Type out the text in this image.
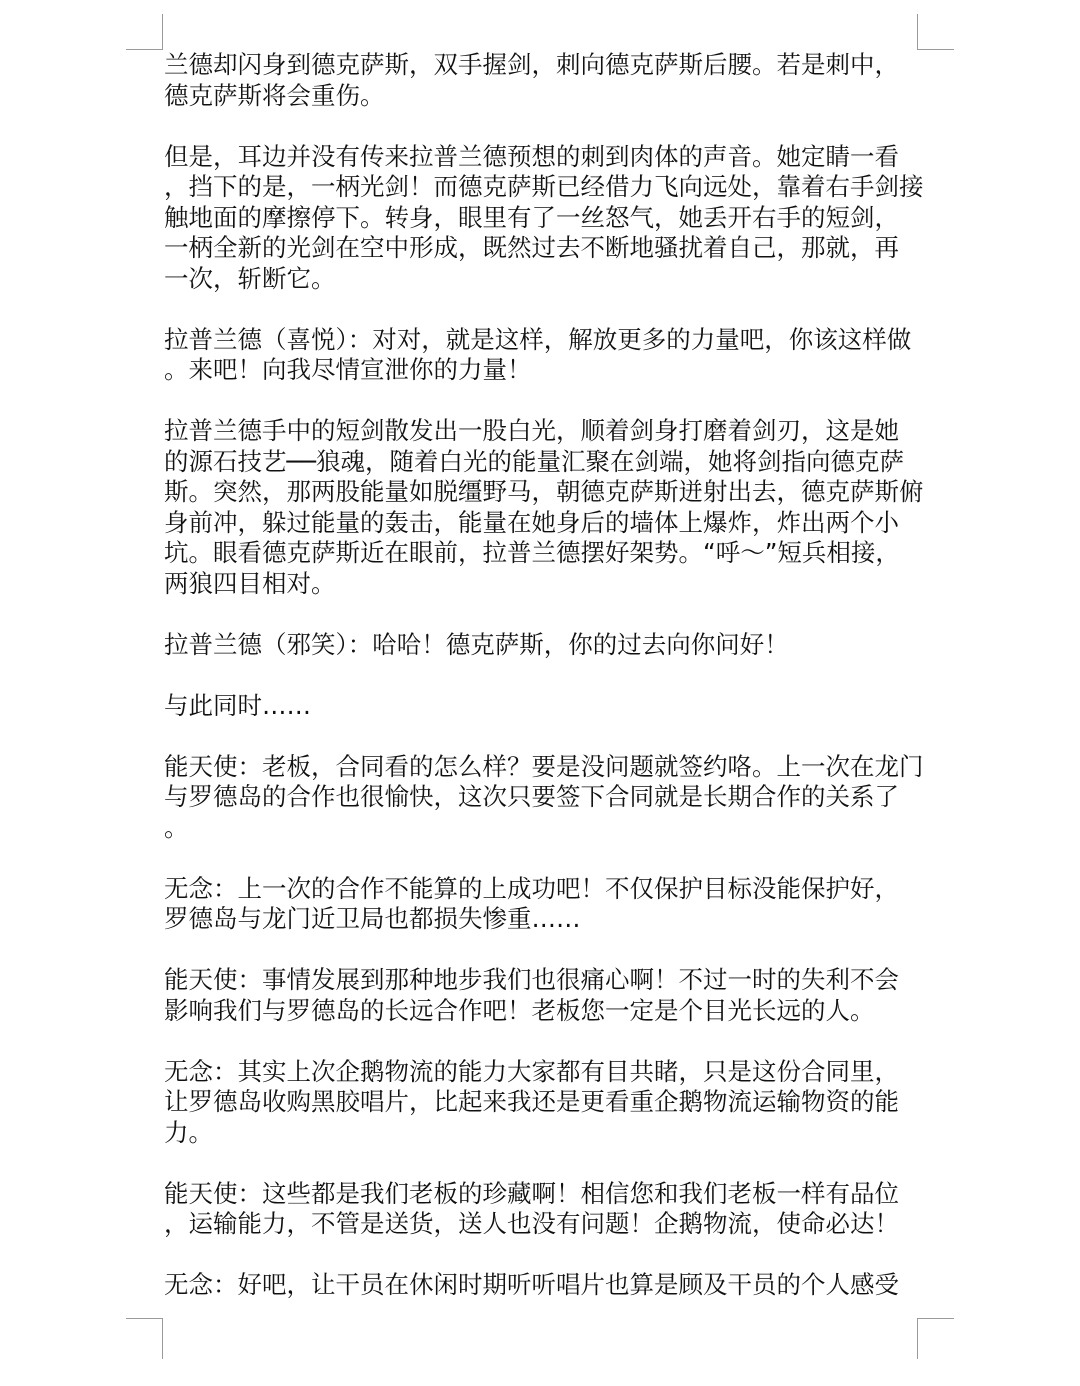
兰德却闪身到德克萨斯，双手握剑，刺向德克萨斯后腰。若是刺中，
德克萨斯将会重伤。

但是，耳边并没有传来拉普兰德预想的刺到肉体的声音。她定睛一看
，挡下的是，一柄光剑！而德克萨斯已经借力飞向远处，靠着右手剑接
触地面的摩擦停下。转身，眼里有了一丝怒气，她丢开右手的短剑，
一柄全新的光剑在空中形成，既然过去不断地骚扰着自己，那就，再
一次，斩断它。

拉普兰德（喜悦）：对对，就是这样，解放更多的力量吧，你该这样做
。来吧！向我尽情宣泄你的力量！

拉普兰德手中的短剑散发出一股白光，顺着剑身打磨着剑刃，这是她
的源石技艺──狼魂，随着白光的能量汇聚在剑端，她将剑指向德克萨
斯。突然，那两股能量如脱缰野马，朝德克萨斯迸射出去，德克萨斯俯
身前冲，躲过能量的轰击，能量在她身后的墙体上爆炸，炸出两个小
坑。眼看德克萨斯近在眼前，拉普兰德摆好架势。“呼～”短兵相接，
两狼四目相对。

拉普兰德（邪笑）：哈哈！德克萨斯，你的过去向你问好！

与此同时……

能天使：老板，合同看的怎么样？要是没问题就签约咯。上一次在龙门
与罗德岛的合作也很愉快，这次只要签下合同就是长期合作的关系了
。

无念：上一次的合作不能算的上成功吧！不仅保护目标没能保护好，
罗德岛与龙门近卫局也都损失惨重……

能天使：事情发展到那种地步我们也很痛心啊！不过一时的失利不会
影响我们与罗德岛的长远合作吧！老板您一定是个目光长远的人。

无念：其实上次企鹅物流的能力大家都有目共睹，只是这份合同里，
让罗德岛收购黑胶唱片，比起来我还是更看重企鹅物流运输物资的能
力。

能天使：这些都是我们老板的珍藏啊！相信您和我们老板一样有品位
，运输能力，不管是送货，送人也没有问题！企鹅物流，使命必达！

无念：好吧，让干员在休闲时期听听唱片也算是顾及干员的个人感受
